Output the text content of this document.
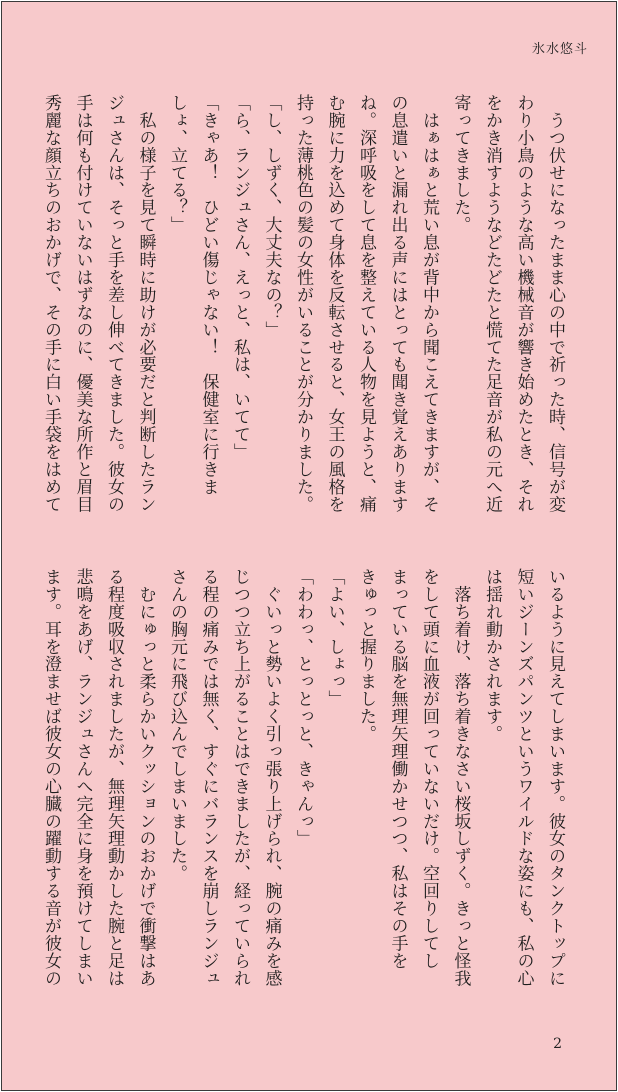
氷水悠斗
　うつ伏せになったまま心の中で祈った時、信号が変
わり小鳥のような高い機械音が響き始めたとき、それ
をかき消すようなどたどたと慌てた足音が私の元へ近
寄ってきました。
　はぁはぁと荒い息が背中から聞こえてきますが、そ
の息遣いと漏れ出る声にはとっても聞き覚えあります
ね。深呼吸をして息を整えている人物を見ようと、痛
む腕に力を込めて身体を反転させると、女王の風格を
持った薄桃色の髪の女性がいることが分かりました。
「し、しずく、大丈夫なの？」
「ら、ランジュさん、えっと、私は、いてて」
「きゃあ！　ひどい傷じゃない！　保健室に行きま
しょ、立てる？」
　私の様子を見て瞬時に助けが必要だと判断したラン
ジュさんは、そっと手を差し伸べてきました。彼女の
手は何も付けていないはずなのに、優美な所作と眉目
秀麗な顔立ちのおかげで、その手に白い手袋をはめて
いるように見えてしまいます。彼女のタンクトップに
短いジーンズパンツというワイルドな姿にも、私の心
は揺れ動かされます。
　落ち着け、落ち着きなさい桜坂しずく。きっと怪我
をして頭に血液が回っていないだけ。空回りしてし
まっている脳を無理矢理働かせつつ、私はその手を
きゅっと握りました。
「よい、しょっ」
「わわっ、とっとっと、きゃんっ」
　ぐいっと勢いよく引っ張り上げられ、腕の痛みを感
じつつ立ち上がることはできましたが、経っていられ
る程の痛みでは無く、すぐにバランスを崩しランジュ
さんの胸元に飛び込んでしまいました。
　むにゅっと柔らかいクッションのおかげで衝撃はあ
る程度吸収されましたが、無理矢理動かした腕と足は
悲鳴をあげ、ランジュさんへ完全に身を預けてしまい
ます。耳を澄ませば彼女の心臓の躍動する音が彼女の
2
